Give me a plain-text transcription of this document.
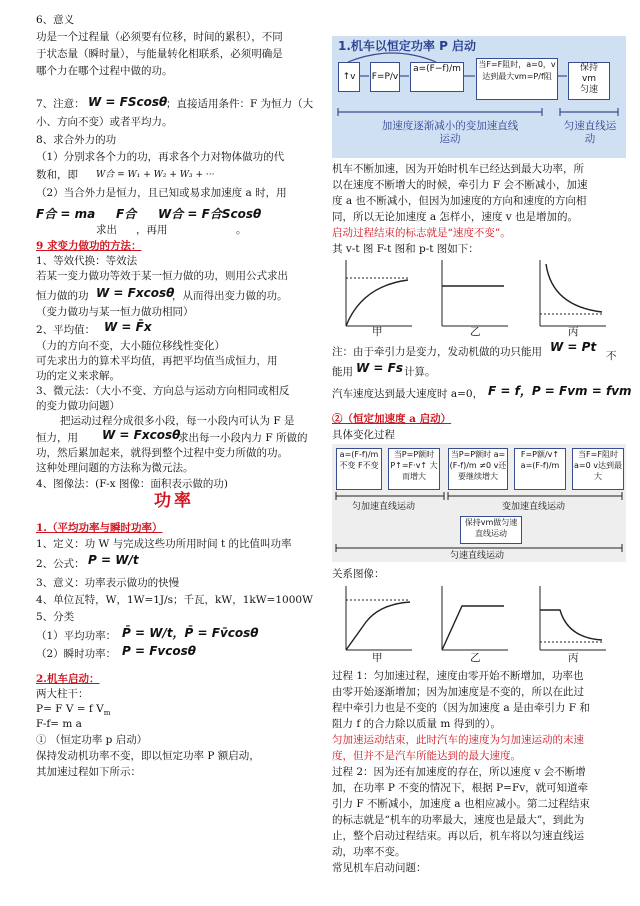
6、意义
功是一个过程量（必须要有位移，时间的累积），不同
于状态量（瞬时量），与能量转化相联系，必须明确是
哪个力在哪个过程中做的功。
7、注意： W = FScosθ
；直接适用条件：F 为恒力（大
小、方向不变）或者平均力。
8、求合外力的功
（1）分别求各个力的功，再求各个力对物体做功的代
数和，即 W合 = W₁ + W₂ + W₃ + ···
（2）当合外力是恒力，且已知或易求加速度 a 时，用
F合 = ma F合 W合 = F合Scosθ
求出 ，再用	。
9 求变力做功的方法：
1、等效代换：等效法
若某一变力做功等效于某一恒力做的功，则用公式求出
恒力做的功 W = Fxcosθ
，从而得出变力做的功。
（变力做功与某一恒力做功相同）
2、平均值： W = F̄x
（力的方向不变，大小随位移线性变化）
可先求出力的算术平均值，再把平均值当成恒力，用
功的定义来求解。
3、微元法：（大小不变、方向总与运动方向相同或相反
的变力做功问题）
把运动过程分成很多小段，每一小段内可认为 F 是
恒力，用 W = Fxcosθ
求出每一小段内力 F 所做的
功，然后累加起来，就得到整个过程中变力所做的功。
这种处理问题的方法称为微元法。
4、图像法：(F-x 图像：面积表示做的功)
功率
1.（平均功率与瞬时功率）
1、定义：功 W 与完成这些功所用时间 t 的比值叫功率
2、公式： P = W/t
3、意义：功率表示做功的快慢
4、单位瓦特，W，1W=1J/s；千瓦，kW，1kW=1000W
5、分类
（1）平均功率： P̄ = W/t，P̄ = Fv̄cosθ
（2）瞬时功率： P = Fvcosθ
2.机车启动：
两大柱干：
P= F V = f $V_m$
F-f= m a
① （恒定功率 p 启动）
保持发动机功率不变，即以恒定功率 P 额启动，
其加速过程如下所示：
1.机车以恒定功率 P 启动
↑v	F=P/v
a=(F−f)/m	当F=F阻时，a=0，v达到最大vm=P/f阻
保持
vm
匀速
加速度逐渐减小的变加速直线运动
匀速直线运动
机车不断加速，因为开始时机车已经达到最大功率，所
以在速度不断增大的时候，牵引力 F 会不断减小，加速
度 a 也不断减小，但因为加速度的方向和速度的方向相
同，所以无论加速度 a 怎样小，速度 v 也是增加的。
启动过程结束的标志就是“速度不变”。
其 v-t 图 F-t 图和 p-t 图如下：
甲	乙	丙
注：由于牵引力是变力，发动机做的功只能用 W = Pt
不
能用 W = Fs 计算。
汽车速度达到最大速度时 a=0， F = f，P = Fvm = fvm
②（恒定加速度 a 启动）
具体变化过程
a=(F-f)/m 不变 F不变
当P=P额时 P↑=F·v↑ 大而增大
当P=P额时 a=(F-f)/m ≠0 v还要继续增大
F=P额/v↑ a=(F-f)/m
当F=F阻时 a=0 v达到最大
匀加速直线运动	变加速直线运动
保持vm做匀速直线运动
匀速直线运动
关系图像：
甲	乙	丙
过程 1：匀加速过程，速度由零开始不断增加，功率也
由零开始逐渐增加；因为加速度是不变的，所以在此过
程中牵引力也是不变的（因为加速度 a 是由牵引力 F 和
阻力 f 的合力除以质量 m 得到的）。
匀加速运动结束，此时汽车的速度为匀加速运动的末速
度，但并不是汽车所能达到的最大速度。
过程 2：因为还有加速度的存在，所以速度 v 会不断增
加，在功率 P 不变的情况下，根据 P=Fv，就可知道牵
引力 F 不断减小，加速度 a 也相应减小。第二过程结束
的标志就是“机车的功率最大，速度也是最大”，到此为
止，整个启动过程结束。再以后，机车将以匀速直线运
动，功率不变。
常见机车启动问题：
